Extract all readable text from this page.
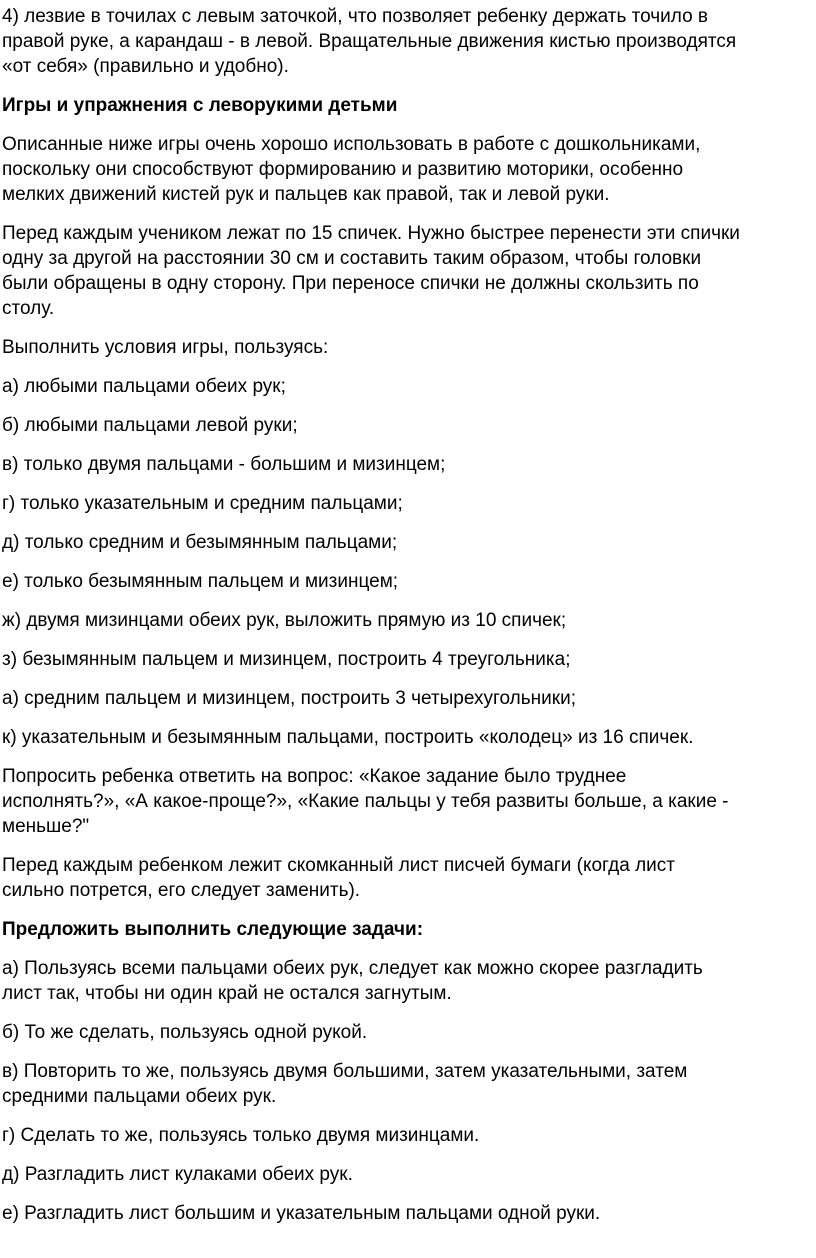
4) лезвие в точилах с левым заточкой, что позволяет ребенку держать точило в
правой руке, а карандаш - в левой. Вращательные движения кистью производятся
«от себя» (правильно и удобно).
Игры и упражнения с леворукими детьми
Описанные ниже игры очень хорошо использовать в работе с дошкольниками,
поскольку они способствуют формированию и развитию моторики, особенно
мелких движений кистей рук и пальцев как правой, так и левой руки.
Перед каждым учеником лежат по 15 спичек. Нужно быстрее перенести эти спички
одну за другой на расстоянии 30 см и составить таким образом, чтобы головки
были обращены в одну сторону. При переносе спички не должны скользить по
столу.
Выполнить условия игры, пользуясь:
а) любыми пальцами обеих рук;
б) любыми пальцами левой руки;
в) только двумя пальцами - большим и мизинцем;
г) только указательным и средним пальцами;
д) только средним и безымянным пальцами;
е) только безымянным пальцем и мизинцем;
ж) двумя мизинцами обеих рук, выложить прямую из 10 спичек;
з) безымянным пальцем и мизинцем, построить 4 треугольника;
а) средним пальцем и мизинцем, построить 3 четырехугольники;
к) указательным и безымянным пальцами, построить «колодец» из 16 спичек.
Попросить ребенка ответить на вопрос: «Какое задание было труднее
исполнять?», «А какое-проще?», «Какие пальцы у тебя развиты больше, а какие -
меньше?"
Перед каждым ребенком лежит скомканный лист писчей бумаги (когда лист
сильно потрется, его следует заменить).
Предложить выполнить следующие задачи:
а) Пользуясь всеми пальцами обеих рук, следует как можно скорее разгладить
лист так, чтобы ни один край не остался загнутым.
б) То же сделать, пользуясь одной рукой.
в) Повторить то же, пользуясь двумя большими, затем указательными, затем
средними пальцами обеих рук.
г) Сделать то же, пользуясь только двумя мизинцами.
д) Разгладить лист кулаками обеих рук.
е) Разгладить лист большим и указательным пальцами одной руки.
